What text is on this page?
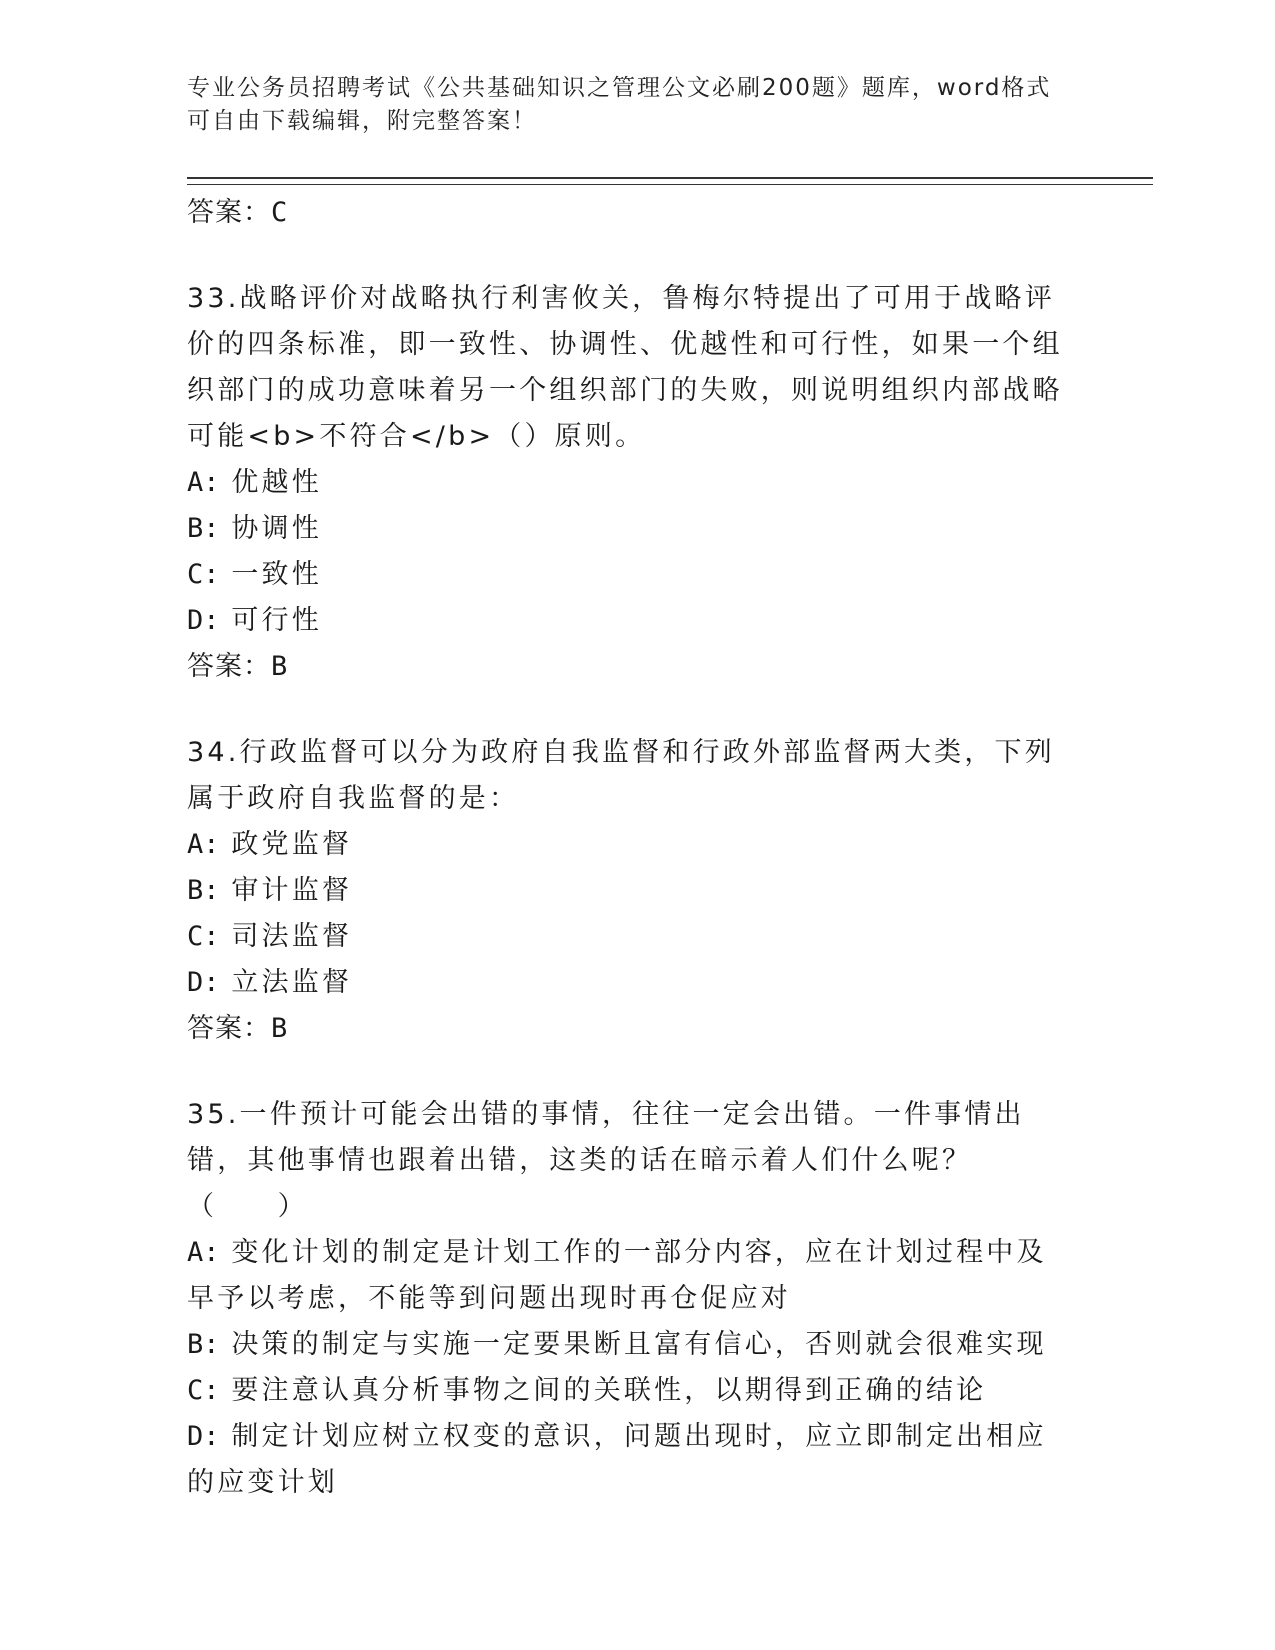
专业公务员招聘考试《公共基础知识之管理公文必刷200题》题库，word格式可自由下载编辑，附完整答案！

答案：C

33.战略评价对战略执行利害攸关，鲁梅尔特提出了可用于战略评价的四条标准，即一致性、协调性、优越性和可行性，如果一个组织部门的成功意味着另一个组织部门的失败，则说明组织内部战略可能<b>不符合</b>（）原则。

A: 优越性

B: 协调性

C: 一致性

D: 可行性

答案：B

34.行政监督可以分为政府自我监督和行政外部监督两大类，下列属于政府自我监督的是：

A: 政党监督

B: 审计监督

C: 司法监督

D: 立法监督

答案：B

35.一件预计可能会出错的事情，往往一定会出错。一件事情出错，其他事情也跟着出错，这类的话在暗示着人们什么呢？（　　）

A: 变化计划的制定是计划工作的一部分内容，应在计划过程中及早予以考虑，不能等到问题出现时再仓促应对

B: 决策的制定与实施一定要果断且富有信心，否则就会很难实现

C: 要注意认真分析事物之间的关联性，以期得到正确的结论

D: 制定计划应树立权变的意识，问题出现时，应立即制定出相应的应变计划
